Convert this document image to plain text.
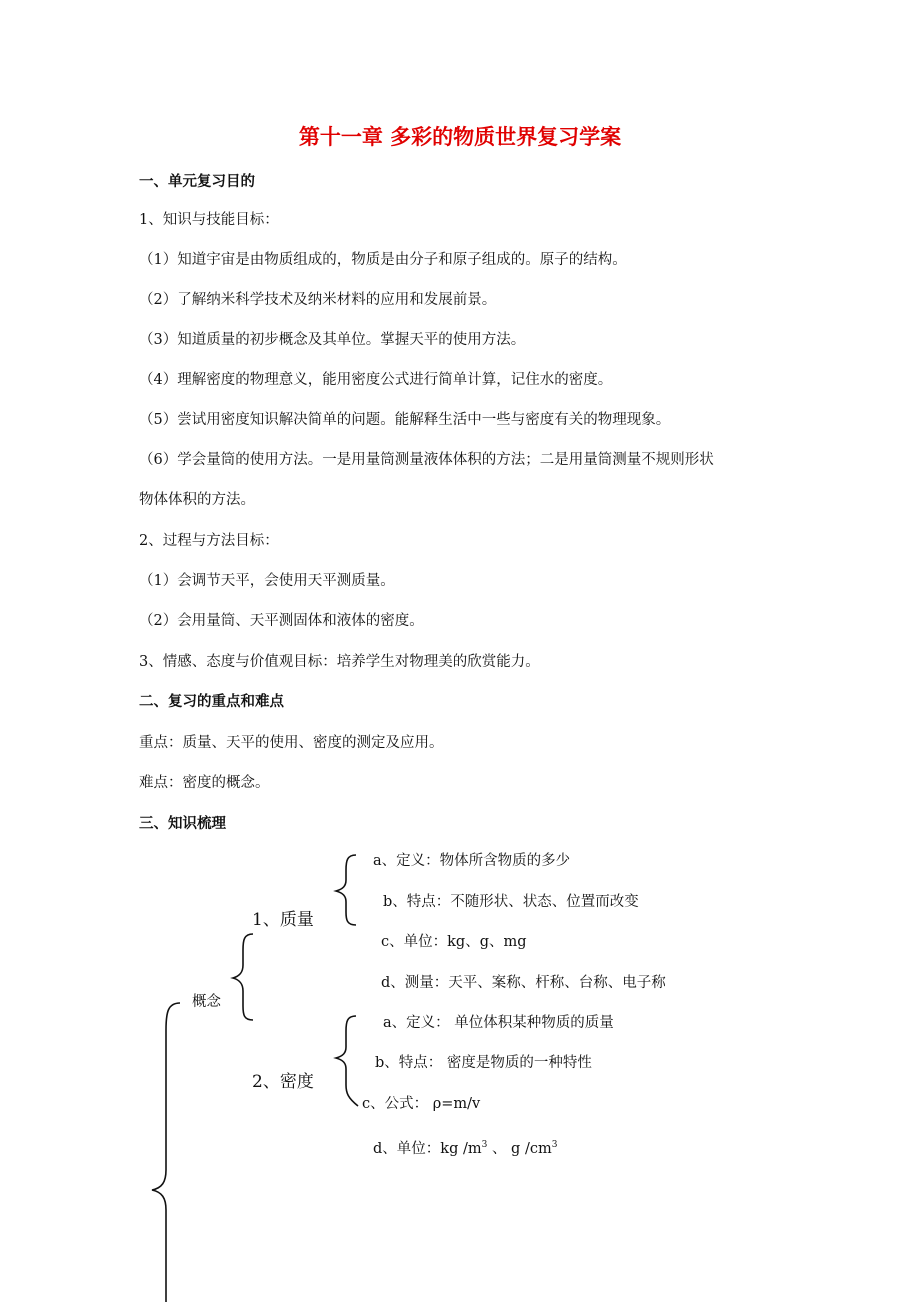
第十一章 多彩的物质世界复习学案
一、单元复习目的
1、知识与技能目标：
（1）知道宇宙是由物质组成的，物质是由分子和原子组成的。原子的结构。
（2）了解纳米科学技术及纳米材料的应用和发展前景。
（3）知道质量的初步概念及其单位。掌握天平的使用方法。
（4）理解密度的物理意义，能用密度公式进行简单计算，记住水的密度。
（5）尝试用密度知识解决简单的问题。能解释生活中一些与密度有关的物理现象。
（6）学会量筒的使用方法。一是用量筒测量液体体积的方法；二是用量筒测量不规则形状
物体体积的方法。
2、过程与方法目标：
（1）会调节天平，会使用天平测质量。
（2）会用量筒、天平测固体和液体的密度。
3、情感、态度与价值观目标：培养学生对物理美的欣赏能力。
二、复习的重点和难点
重点：质量、天平的使用、密度的测定及应用。
难点：密度的概念。
三、知识梳理
概念
1、质量
a、定义：物体所含物质的多少
b、特点：不随形状、状态、位置而改变
c、单位：kg、g、mg
d、测量：天平、案称、杆称、台称、电子称
2、密度
a、定义： 单位体积某种物质的质量
b、特点： 密度是物质的一种特性
c、公式： ρ=m/v
d、单位：kg $/m^3$ 、 g $/cm^3$
